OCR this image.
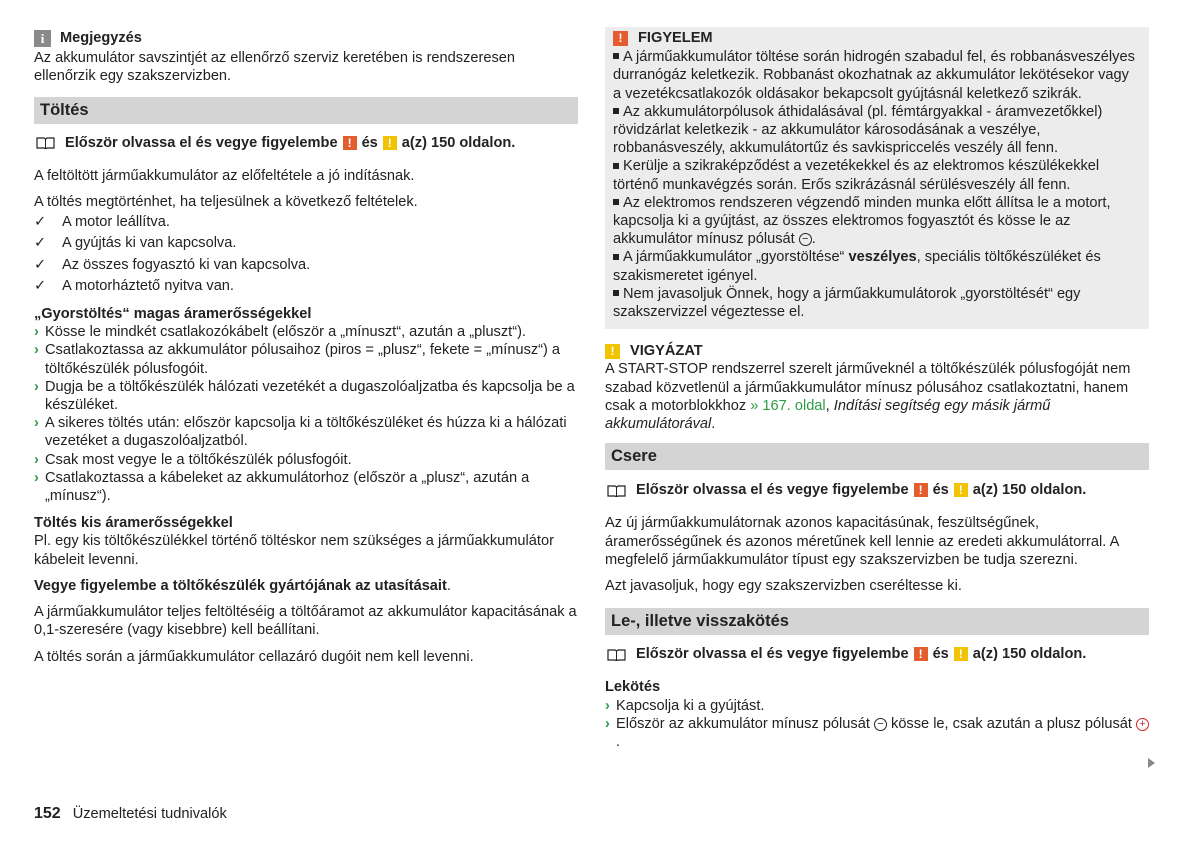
i	Megjegyzés

Az akkumulátor savszintjét az ellenőrző szerviz keretében is rendszeresen ellenőrzik egy szakszervizben.

Töltés
Először olvassa el és vegye figyelembe ! és ! a(z) 150 oldalon.

A feltöltött járműakkumulátor az előfeltétele a jó indításnak.

A töltés megtörténhet, ha teljesülnek a következő feltételek.

✓	A motor leállítva.
✓	A gyújtás ki van kapcsolva.
✓	Az összes fogyasztó ki van kapcsolva.
✓	A motorháztető nyitva van.

„Gyorstöltés“ magas áramerősségekkel

› Kösse le mindkét csatlakozókábelt (először a „mínuszt“, azután a „pluszt“).
› Csatlakoztassa az akkumulátor pólusaihoz (piros = „plusz“, fekete = „mínusz“) a töltőkészülék pólusfogóit.
› Dugja be a töltőkészülék hálózati vezetékét a dugaszolóaljzatba és kapcsolja be a készüléket.
› A sikeres töltés után: először kapcsolja ki a töltőkészüléket és húzza ki a hálózati vezetéket a dugaszolóaljzatból.
› Csak most vegye le a töltőkészülék pólusfogóit.
› Csatlakoztassa a kábeleket az akkumulátorhoz (először a „plusz“, azután a „mínusz“).

Töltés kis áramerősségekkel

Pl. egy kis töltőkészülékkel történő töltéskor nem szükséges a járműakkumulátor kábeleit levenni.

Vegye figyelembe a töltőkészülék gyártójának az utasításait.

A járműakkumulátor teljes feltöltéséig a töltőáramot az akkumulátor kapacitásának a 0,1-szeresére (vagy kisebbre) kell beállítani.

A töltés során a járműakkumulátor cellazáró dugóit nem kell levenni.

!	FIGYELEM
A járműakkumulátor töltése során hidrogén szabadul fel, és robbanásveszélyes durranógáz keletkezik. Robbanást okozhatnak az akkumulátor lekötésekor vagy a vezetékcsatlakozók oldásakor bekapcsolt gyújtásnál keletkező szikrák.
Az akkumulátorpólusok áthidalásával (pl. fémtárgyakkal - áramvezetőkkel) rövidzárlat keletkezik - az akkumulátor károsodásának a veszélye, robbanásveszély, akkumulátortűz és savkispriccelés veszély áll fenn.
Kerülje a szikraképződést a vezetékekkel és az elektromos készülékekkel történő munkavégzés során. Erős szikrázásnál sérülésveszély áll fenn.
Az elektromos rendszeren végzendő minden munka előtt állítsa le a motort, kapcsolja ki a gyújtást, az összes elektromos fogyasztót és kösse le az akkumulátor mínusz pólusát − .
A járműakkumulátor „gyorstöltése“ veszélyes, speciális töltőkészüléket és szakismeretet igényel.
Nem javasoljuk Önnek, hogy a járműakkumulátorok „gyorstöltését“ egy szakszervizzel végeztesse el.
!	VIGYÁZAT

A START-STOP rendszerrel szerelt járműveknél a töltőkészülék pólusfogóját nem szabad közvetlenül a járműakkumulátor mínusz pólusához csatlakoztatni, hanem csak a motorblokkhoz » 167. oldal, Indítási segítség egy másik jármű akkumulátorával.

Csere
Először olvassa el és vegye figyelembe ! és ! a(z) 150 oldalon.

Az új járműakkumulátornak azonos kapacitásúnak, feszültségűnek, áramerősségűnek és azonos méretűnek kell lennie az eredeti akkumulátorral. A megfelelő járműakkumulátor típust egy szakszervizben be tudja szerezni.

Azt javasoljuk, hogy egy szakszervizben cseréltesse ki.

Le-, illetve visszakötés
Először olvassa el és vegye figyelembe ! és ! a(z) 150 oldalon.

Lekötés

› Kapcsolja ki a gyújtást.
› Először az akkumulátor mínusz pólusát − kösse le, csak azután a plusz pólusát +.
152 Üzemeltetési tudnivalók
